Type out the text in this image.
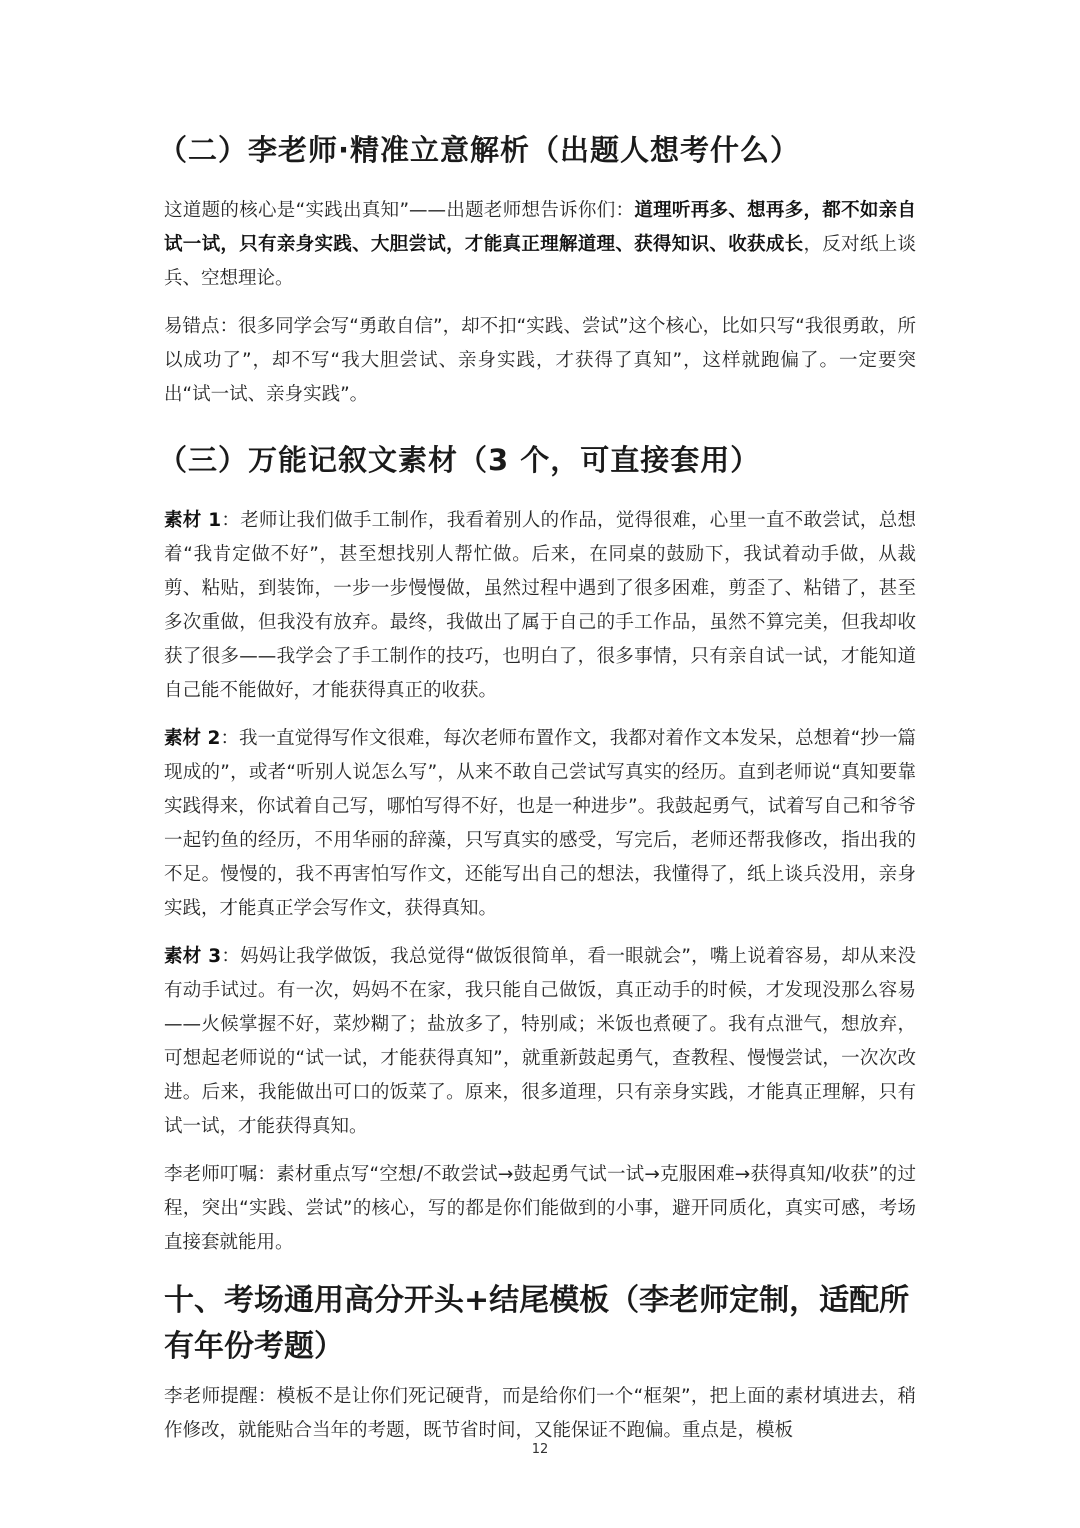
（二）李老师·精准立意解析（出题人想考什么）

这道题的核心是“实践出真知”——出题老师想告诉你们：道理听再多、想再多，都不如亲自试一试，只有亲身实践、大胆尝试，才能真正理解道理、获得知识、收获成长，反对纸上谈兵、空想理论。

易错点：很多同学会写“勇敢自信”，却不扣“实践、尝试”这个核心，比如只写“我很勇敢，所以成功了”，却不写“我大胆尝试、亲身实践，才获得了真知”，这样就跑偏了。一定要突出“试一试、亲身实践”。

（三）万能记叙文素材（3 个，可直接套用）

素材 1：老师让我们做手工制作，我看着别人的作品，觉得很难，心里一直不敢尝试，总想着“我肯定做不好”，甚至想找别人帮忙做。后来，在同桌的鼓励下，我试着动手做，从裁剪、粘贴，到装饰，一步一步慢慢做，虽然过程中遇到了很多困难，剪歪了、粘错了，甚至多次重做，但我没有放弃。最终，我做出了属于自己的手工作品，虽然不算完美，但我却收获了很多——我学会了手工制作的技巧，也明白了，很多事情，只有亲自试一试，才能知道自己能不能做好，才能获得真正的收获。

素材 2：我一直觉得写作文很难，每次老师布置作文，我都对着作文本发呆，总想着“抄一篇现成的”，或者“听别人说怎么写”，从来不敢自己尝试写真实的经历。直到老师说“真知要靠实践得来，你试着自己写，哪怕写得不好，也是一种进步”。我鼓起勇气，试着写自己和爷爷一起钓鱼的经历，不用华丽的辞藻，只写真实的感受，写完后，老师还帮我修改，指出我的不足。慢慢的，我不再害怕写作文，还能写出自己的想法，我懂得了，纸上谈兵没用，亲身实践，才能真正学会写作文，获得真知。

素材 3：妈妈让我学做饭，我总觉得“做饭很简单，看一眼就会”，嘴上说着容易，却从来没有动手试过。有一次，妈妈不在家，我只能自己做饭，真正动手的时候，才发现没那么容易——火候掌握不好，菜炒糊了；盐放多了，特别咸；米饭也煮硬了。我有点泄气，想放弃，可想起老师说的“试一试，才能获得真知”，就重新鼓起勇气，查教程、慢慢尝试，一次次改进。后来，我能做出可口的饭菜了。原来，很多道理，只有亲身实践，才能真正理解，只有试一试，才能获得真知。

李老师叮嘱：素材重点写“空想/不敢尝试→鼓起勇气试一试→克服困难→获得真知/收获”的过程，突出“实践、尝试”的核心，写的都是你们能做到的小事，避开同质化，真实可感，考场直接套就能用。

十、考场通用高分开头+结尾模板（李老师定制，适配所有年份考题）

李老师提醒：模板不是让你们死记硬背，而是给你们一个“框架”，把上面的素材填进去，稍作修改，就能贴合当年的考题，既节省时间，又能保证不跑偏。重点是，模板

12
